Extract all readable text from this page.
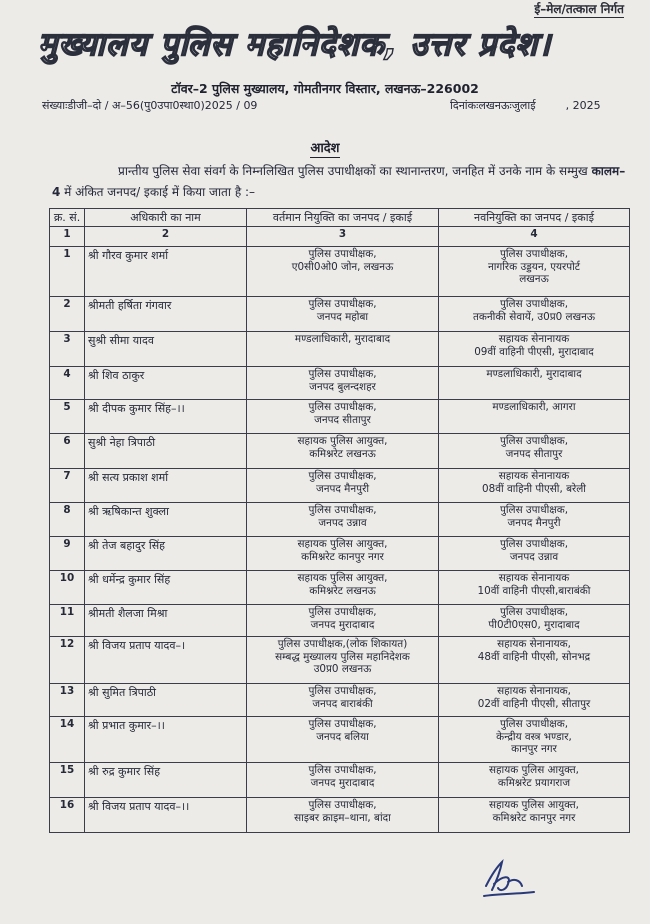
ई–मेल/तत्काल निर्गत
मुख्यालय पुलिस महानिदेशक, उत्तर प्रदेश।
टॉवर–2 पुलिस मुख्यालय, गोमतीनगर विस्तार, लखनऊ–226002
संख्याःडीजी–दो / अ–56(पु0उपा0स्था0)2025 / 09	दिनांकःलखनऊःजुलाई	, 2025
आदेश
प्रान्तीय पुलिस सेवा संवर्ग के निम्नलिखित पुलिस उपाधीक्षकों का स्थानान्तरण, जनहित में उनके नाम के सम्मुख कालम–4 में अंकित जनपद/ इकाई में किया जाता है :–
क्र. सं.	अधिकारी का नाम	वर्तमान नियुक्ति का जनपद / इकाई	नवनियुक्ति का जनपद / इकाई
1	2	3	4
1	श्री गौरव कुमार शर्मा	पुलिस उपाधीक्षक,
ए0सी0ओ0 जोन, लखनऊ	पुलिस उपाधीक्षक,
नागरिक उड्डयन, एयरपोर्ट
लखनऊ

2	श्रीमती हर्षिता गंगवार	पुलिस उपाधीक्षक,
जनपद महोबा	पुलिस उपाधीक्षक,
तकनीकी सेवायें, उ0प्र0 लखनऊ

3	सुश्री सीमा यादव	मण्डलाधिकारी, मुरादाबाद	सहायक सेनानायक
09वीं वाहिनी पीएसी, मुरादाबाद

4	श्री शिव ठाकुर	पुलिस उपाधीक्षक,
जनपद बुलन्दशहर	मण्डलाधिकारी, मुरादाबाद

5	श्री दीपक कुमार सिंह–।।	पुलिस उपाधीक्षक,
जनपद सीतापुर	मण्डलाधिकारी, आगरा

6	सुश्री नेहा त्रिपाठी	सहायक पुलिस आयुक्त,
कमिश्नरेट लखनऊ	पुलिस उपाधीक्षक,
जनपद सीतापुर

7	श्री सत्य प्रकाश शर्मा	पुलिस उपाधीक्षक,
जनपद मैनपुरी	सहायक सेनानायक
08वीं वाहिनी पीएसी, बरेली

8	श्री ऋषिकान्त शुक्ला	पुलिस उपाधीक्षक,
जनपद उन्नाव	पुलिस उपाधीक्षक,
जनपद मैनपुरी

9	श्री तेज बहादुर सिंह	सहायक पुलिस आयुक्त,
कमिश्नरेट कानपुर नगर	पुलिस उपाधीक्षक,
जनपद उन्नाव

10	श्री धर्मेन्द्र कुमार सिंह	सहायक पुलिस आयुक्त,
कमिश्नरेट लखनऊ	सहायक सेनानायक
10वीं वाहिनी पीएसी,बाराबंकी

11	श्रीमती शैलजा मिश्रा	पुलिस उपाधीक्षक,
जनपद मुरादाबाद	पुलिस उपाधीक्षक,
पी0टी0एस0, मुरादाबाद

12	श्री विजय प्रताप यादव–।	पुलिस उपाधीक्षक,(लोक शिकायत)
सम्बद्ध मुख्यालय पुलिस महानिदेशक
उ0प्र0 लखनऊ	सहायक सेनानायक,
48वीं वाहिनी पीएसी, सोनभद्र

13	श्री सुमित त्रिपाठी	पुलिस उपाधीक्षक,
जनपद बाराबंकी	सहायक सेनानायक,
02वीं वाहिनी पीएसी, सीतापुर

14	श्री प्रभात कुमार–।।	पुलिस उपाधीक्षक,
जनपद बलिया	पुलिस उपाधीक्षक,
केन्द्रीय वस्त्र भण्डार,
कानपुर नगर

15	श्री रुद्र कुमार सिंह	पुलिस उपाधीक्षक,
जनपद मुरादाबाद	सहायक पुलिस आयुक्त,
कमिश्नरेट प्रयागराज

16	श्री विजय प्रताप यादव–।।	पुलिस उपाधीक्षक,
साइबर क्राइम–थाना, बांदा	सहायक पुलिस आयुक्त,
कमिश्नरेट कानपुर नगर
